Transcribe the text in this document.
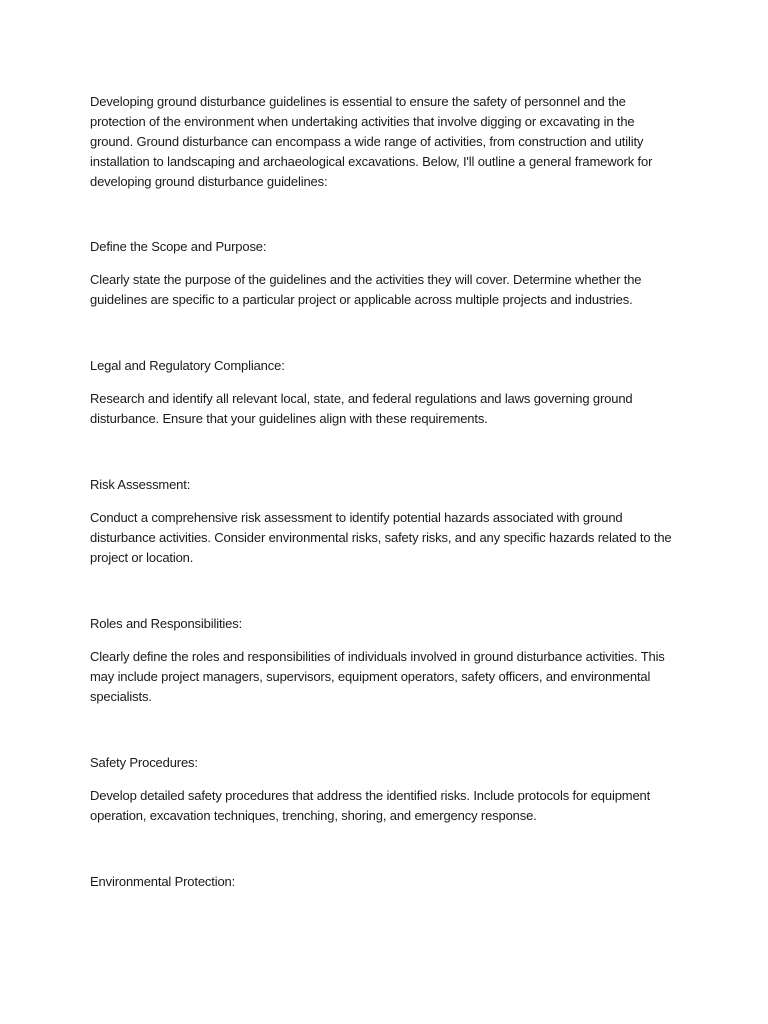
Developing ground disturbance guidelines is essential to ensure the safety of personnel and the protection of the environment when undertaking activities that involve digging or excavating in the ground. Ground disturbance can encompass a wide range of activities, from construction and utility installation to landscaping and archaeological excavations. Below, I'll outline a general framework for developing ground disturbance guidelines:

Define the Scope and Purpose:

Clearly state the purpose of the guidelines and the activities they will cover. Determine whether the guidelines are specific to a particular project or applicable across multiple projects and industries.

Legal and Regulatory Compliance:

Research and identify all relevant local, state, and federal regulations and laws governing ground disturbance. Ensure that your guidelines align with these requirements.

Risk Assessment:

Conduct a comprehensive risk assessment to identify potential hazards associated with ground disturbance activities. Consider environmental risks, safety risks, and any specific hazards related to the project or location.

Roles and Responsibilities:

Clearly define the roles and responsibilities of individuals involved in ground disturbance activities. This may include project managers, supervisors, equipment operators, safety officers, and environmental specialists.

Safety Procedures:

Develop detailed safety procedures that address the identified risks. Include protocols for equipment operation, excavation techniques, trenching, shoring, and emergency response.

Environmental Protection:
